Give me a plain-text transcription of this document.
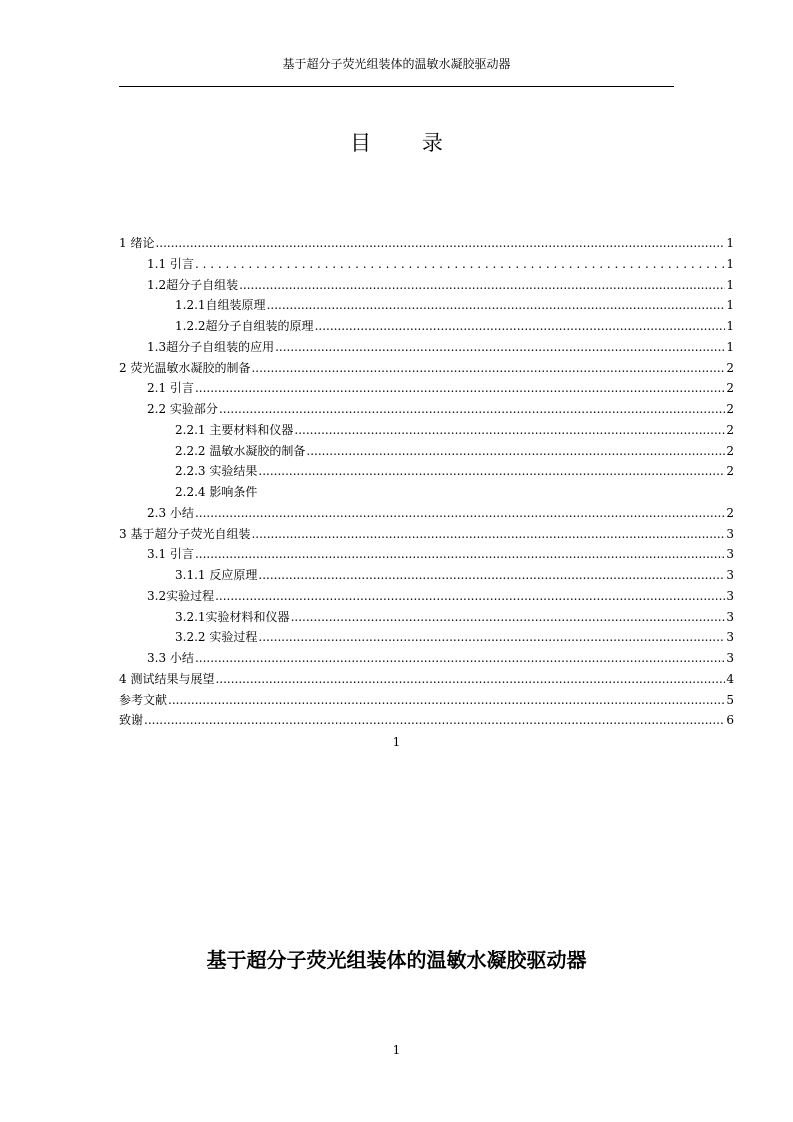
基于超分子荧光组装体的温敏水凝胶驱动器
目 录
1 绪论 .....	1
1.1 引言 . . .	1
1.2超分子自组装 .....	1
1.2.1自组装原理 .....	1
1.2.2超分子自组装的原理 .....	1
1.3超分子自组装的应用 .....	1
2 荧光温敏水凝胶的制备 .....	2
2.1 引言 .....	2
2.2 实验部分 .....	2
2.2.1 主要材料和仪器 .....	2
2.2.2 温敏水凝胶的制备 .....	2
2.2.3 实验结果 .....	2
2.2.4 影响条件
2.3 小结 .....	2
3 基于超分子荧光自组装 .....	3
3.1 引言 .....	3
3.1.1 反应原理 .....	3
3.2实验过程 .....	3
3.2.1实验材料和仪器 .....	3
3.2.2 实验过程 .....	3
3.3 小结 .....	3
4 测试结果与展望 .....	4
参考文献 .....	5
致谢 .....	6
1
基于超分子荧光组装体的温敏水凝胶驱动器
1
